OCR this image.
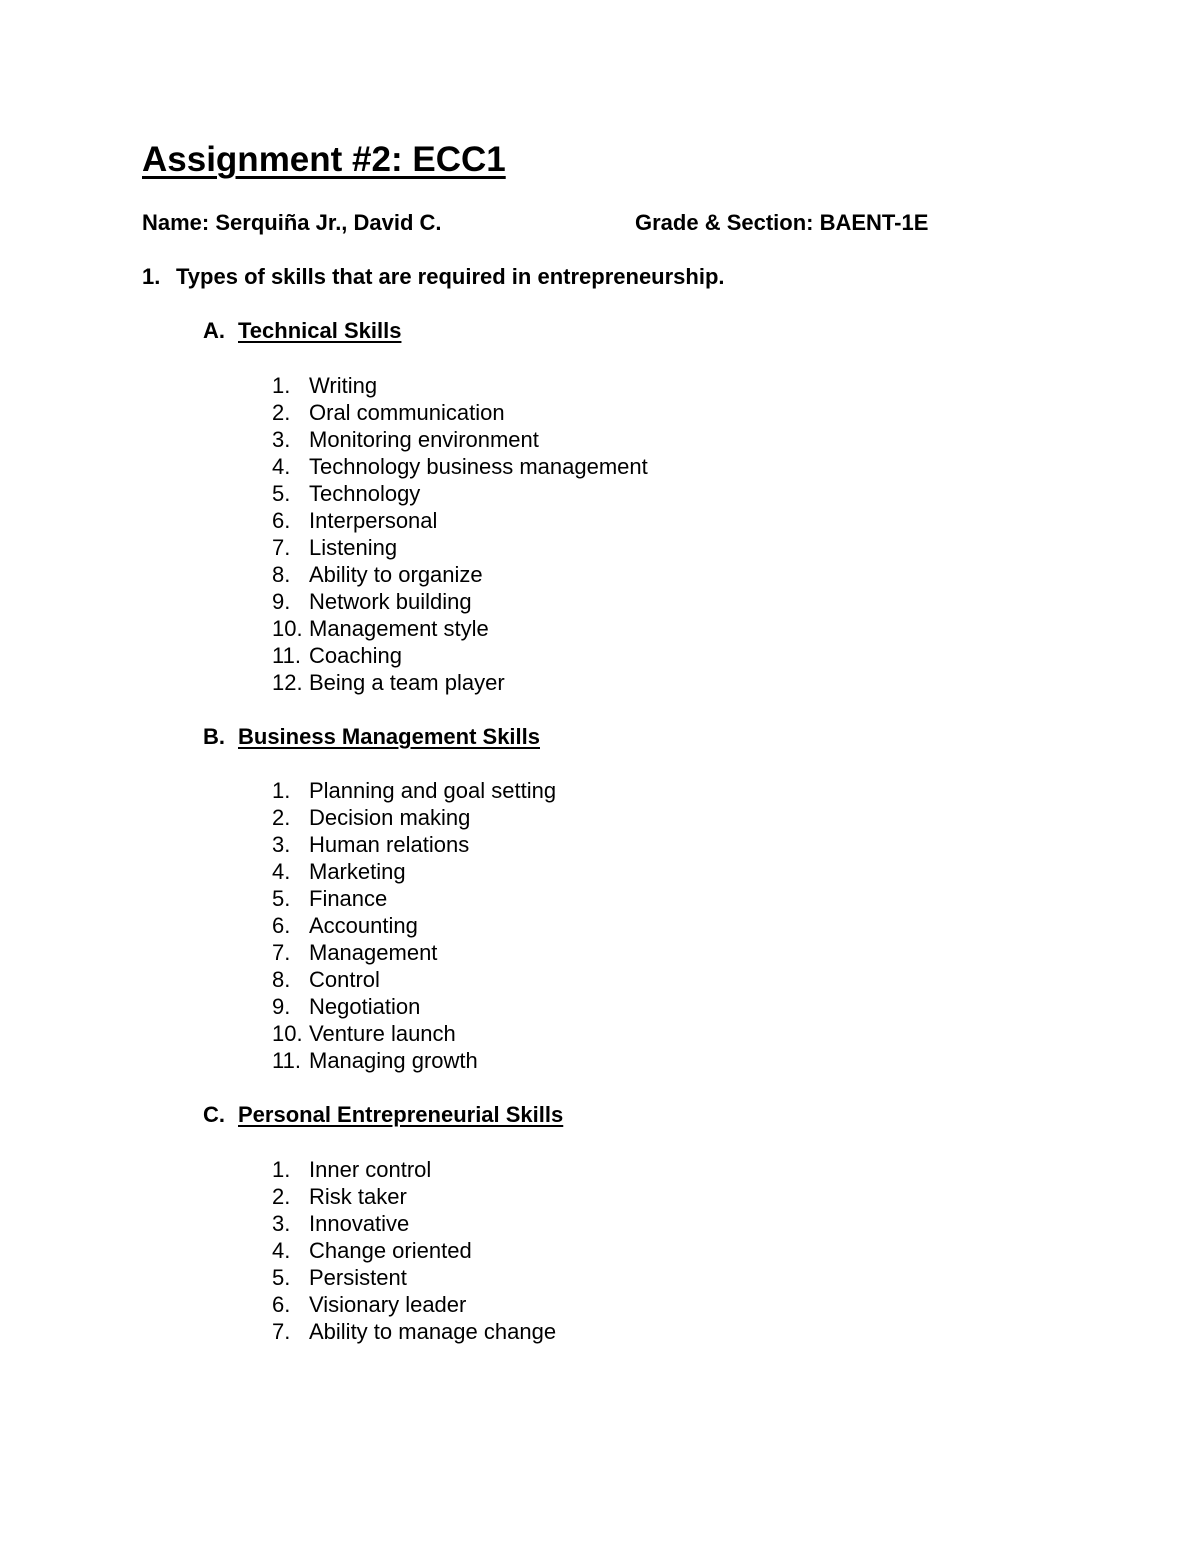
Assignment #2: ECC1
Name: Serquiña Jr., David C.	Grade & Section: BAENT-1E
1. Types of skills that are required in entrepreneurship.
A. Technical Skills
1. Writing
2. Oral communication
3. Monitoring environment
4. Technology business management
5. Technology
6. Interpersonal
7. Listening
8. Ability to organize
9. Network building
10. Management style
11. Coaching
12. Being a team player
B. Business Management Skills
1. Planning and goal setting
2. Decision making
3. Human relations
4. Marketing
5. Finance
6. Accounting
7. Management
8. Control
9. Negotiation
10. Venture launch
11. Managing growth
C. Personal Entrepreneurial Skills
1. Inner control
2. Risk taker
3. Innovative
4. Change oriented
5. Persistent
6. Visionary leader
7. Ability to manage change
